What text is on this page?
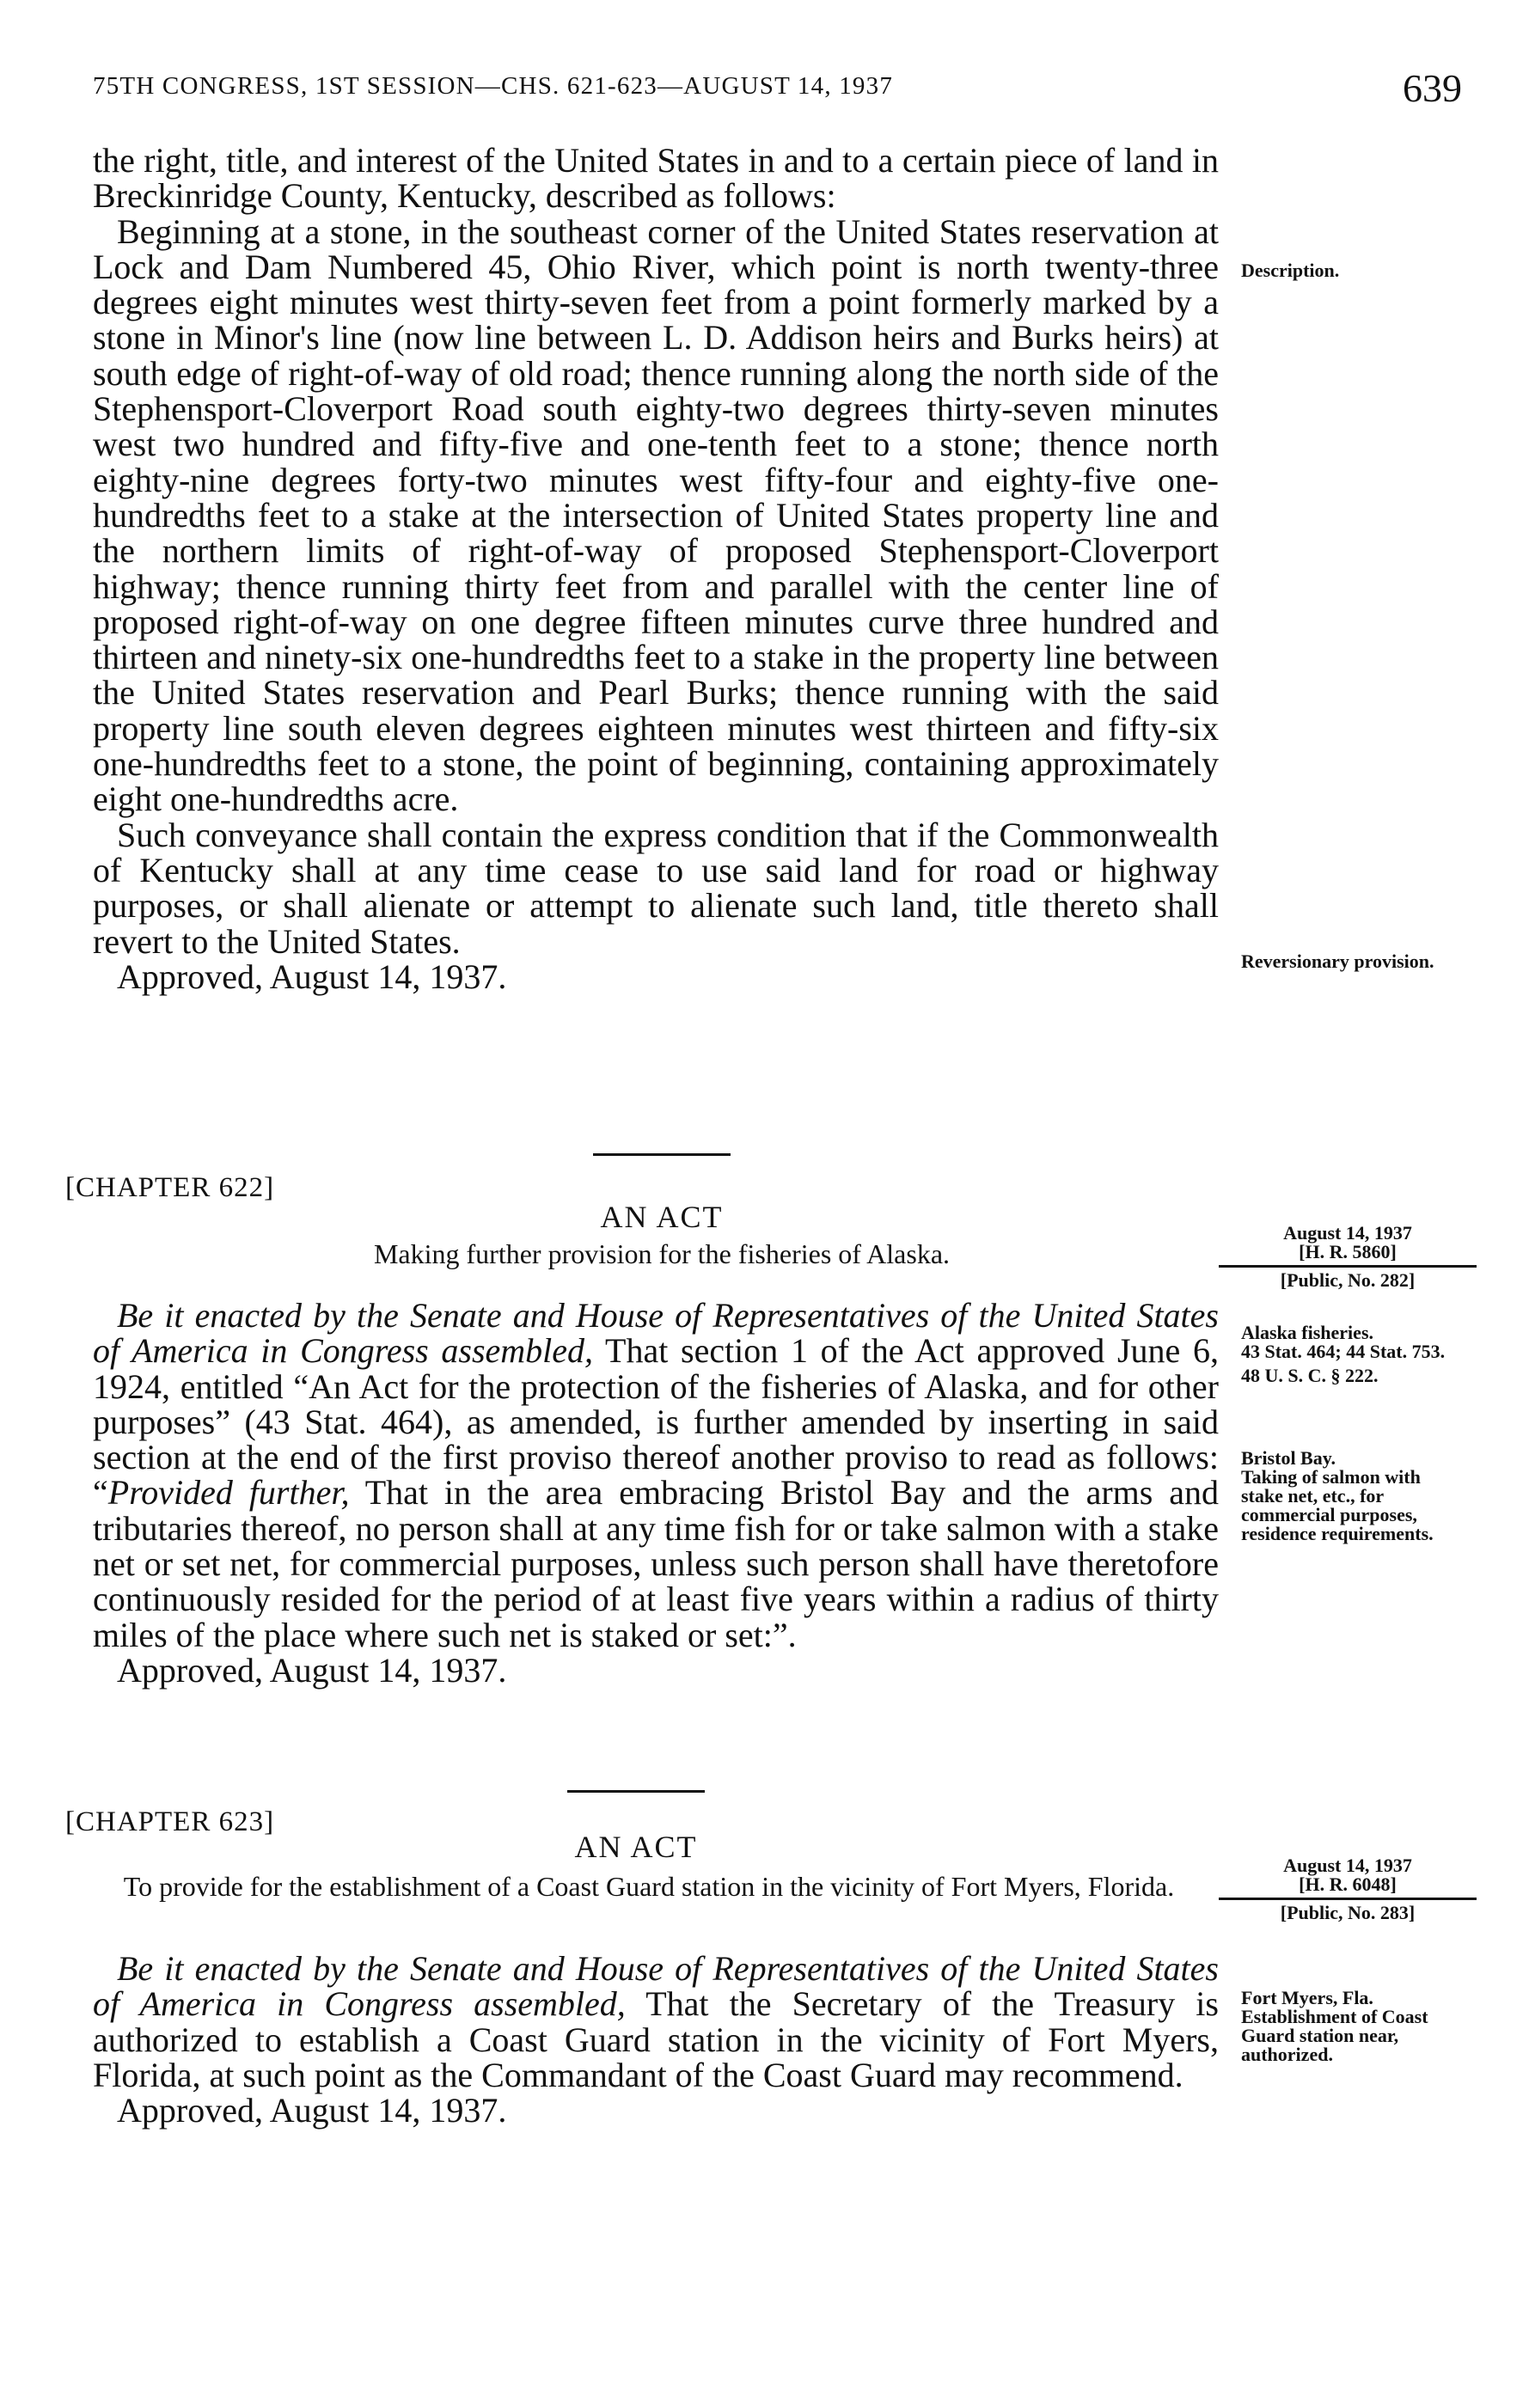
75TH CONGRESS, 1ST SESSION—CHS. 621-623—AUGUST 14, 1937	639

the right, title, and interest of the United States in and to a certain piece of land in Breckinridge County, Kentucky, described as follows:

Beginning at a stone, in the southeast corner of the United States reservation at Lock and Dam Numbered 45, Ohio River, which point is north twenty-three degrees eight minutes west thirty-seven feet from a point formerly marked by a stone in Minor's line (now line between L. D. Addison heirs and Burks heirs) at south edge of right-of-way of old road; thence running along the north side of the Stephensport-Cloverport Road south eighty-two degrees thirty-seven minutes west two hundred and fifty-five and one-tenth feet to a stone; thence north eighty-nine degrees forty-two minutes west fifty-four and eighty-five one-hundredths feet to a stake at the intersection of United States property line and the northern limits of right-of-way of proposed Stephensport-Cloverport highway; thence running thirty feet from and parallel with the center line of proposed right-of-way on one degree fifteen minutes curve three hundred and thirteen and ninety-six one-hundredths feet to a stake in the property line between the United States reservation and Pearl Burks; thence running with the said property line south eleven degrees eighteen minutes west thirteen and fifty-six one-hundredths feet to a stone, the point of beginning, containing approximately eight one-hundredths acre.

Such conveyance shall contain the express condition that if the Commonwealth of Kentucky shall at any time cease to use said land for road or highway purposes, or shall alienate or attempt to alienate such land, title thereto shall revert to the United States.

Approved, August 14, 1937.

Description.
Reversionary provision.
[CHAPTER 622]
AN ACT
Making further provision for the fisheries of Alaska.
August 14, 1937
[H. R. 5860]
[Public, No. 282]

Be it enacted by the Senate and House of Representatives of the United States of America in Congress assembled, That section 1 of the Act approved June 6, 1924, entitled “An Act for the protection of the fisheries of Alaska, and for other purposes” (43 Stat. 464), as amended, is further amended by inserting in said section at the end of the first proviso thereof another proviso to read as follows: “Provided further, That in the area embracing Bristol Bay and the arms and tributaries thereof, no person shall at any time fish for or take salmon with a stake net or set net, for commercial purposes, unless such person shall have theretofore continuously resided for the period of at least five years within a radius of thirty miles of the place where such net is staked or set:”.

Approved, August 14, 1937.

Alaska fisheries.
43 Stat. 464; 44 Stat. 753.
48 U. S. C. § 222.
Bristol Bay.
Taking of salmon with stake net, etc., for commercial purposes, residence requirements.
[CHAPTER 623]
AN ACT
To provide for the establishment of a Coast Guard station in the vicinity of Fort Myers, Florida.
August 14, 1937
[H. R. 6048]
[Public, No. 283]

Be it enacted by the Senate and House of Representatives of the United States of America in Congress assembled, That the Secretary of the Treasury is authorized to establish a Coast Guard station in the vicinity of Fort Myers, Florida, at such point as the Commandant of the Coast Guard may recommend.

Approved, August 14, 1937.

Fort Myers, Fla.
Establishment of Coast Guard station near, authorized.
